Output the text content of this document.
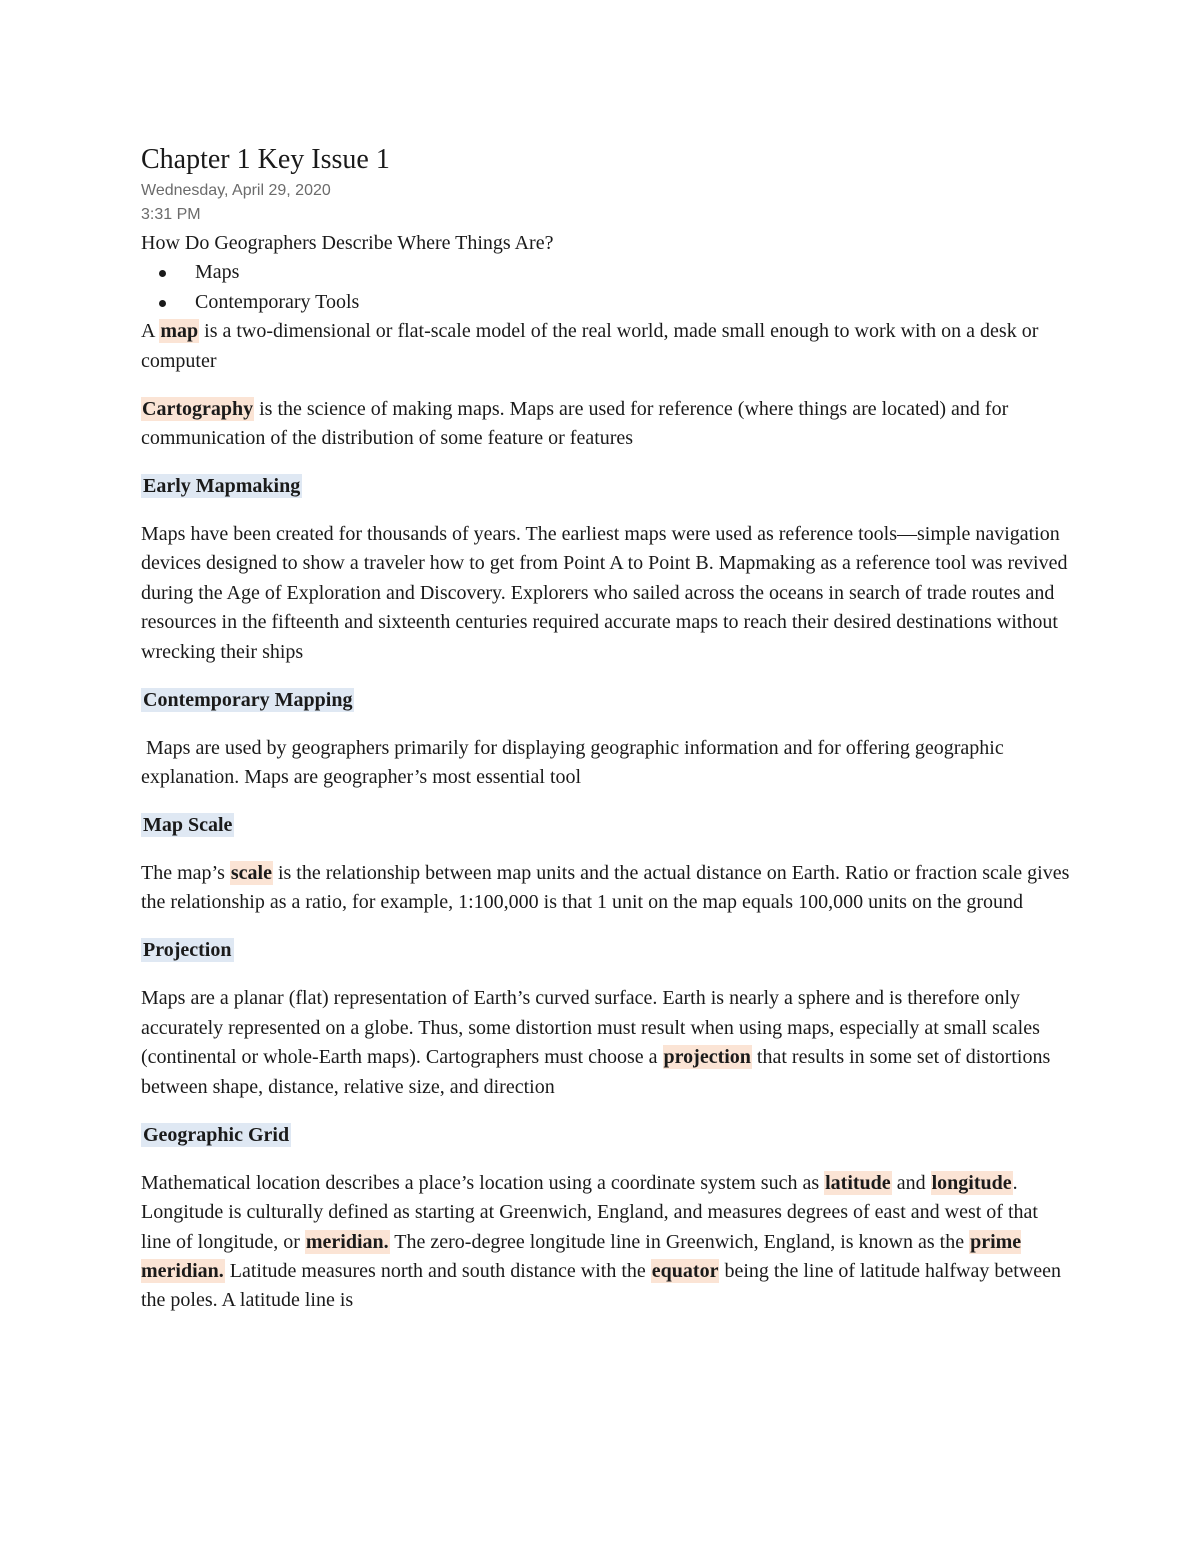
Chapter 1 Key Issue 1
Wednesday, April 29, 2020
3:31 PM

How Do Geographers Describe Where Things Are?

Maps
Contemporary Tools

A map is a two-dimensional or flat-scale model of the real world, made small enough to work with on a desk or computer

Cartography is the science of making maps. Maps are used for reference (where things are located) and for communication of the distribution of some feature or features

Early Mapmaking

Maps have been created for thousands of years. The earliest maps were used as reference tools—simple navigation devices designed to show a traveler how to get from Point A to Point B. Mapmaking as a reference tool was revived during the Age of Exploration and Discovery. Explorers who sailed across the oceans in search of trade routes and resources in the fifteenth and sixteenth centuries required accurate maps to reach their desired destinations without wrecking their ships

Contemporary Mapping

Maps are used by geographers primarily for displaying geographic information and for offering geographic explanation. Maps are geographer’s most essential tool

Map Scale

The map’s scale is the relationship between map units and the actual distance on Earth. Ratio or fraction scale gives the relationship as a ratio, for example, 1:100,000 is that 1 unit on the map equals 100,000 units on the ground

Projection

Maps are a planar (flat) representation of Earth’s curved surface. Earth is nearly a sphere and is therefore only accurately represented on a globe. Thus, some distortion must result when using maps, especially at small scales (continental or whole-Earth maps). Cartographers must choose a projection that results in some set of distortions between shape, distance, relative size, and direction

Geographic Grid

Mathematical location describes a place’s location using a coordinate system such as latitude and longitude. Longitude is culturally defined as starting at Greenwich, England, and measures degrees of east and west of that line of longitude, or meridian. The zero-degree longitude line in Greenwich, England, is known as the prime meridian. Latitude measures north and south distance with the equator being the line of latitude halfway between the poles. A latitude line is
